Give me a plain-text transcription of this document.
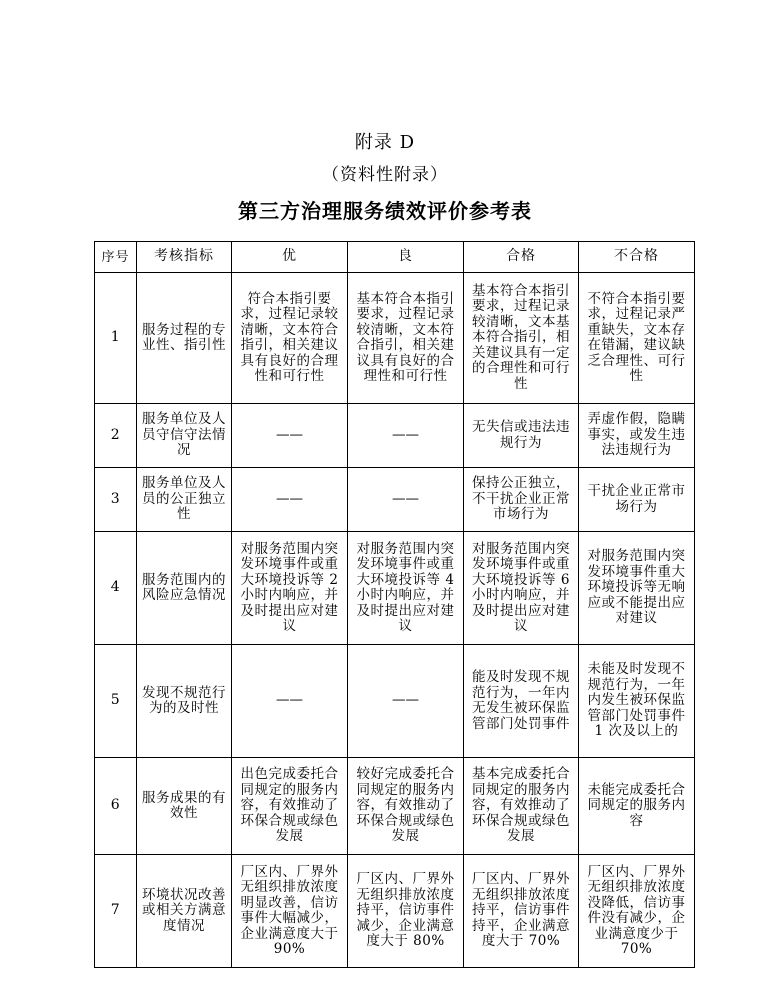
附录 D
（资料性附录）
第三方治理服务绩效评价参考表
序号	考核指标	优	良	合格	不合格
1	服务过程的专业性、指引性	符合本指引要求，过程记录较清晰，文本符合指引，相关建议具有良好的合理性和可行性	基本符合本指引要求，过程记录较清晰，文本符合指引，相关建议具有良好的合理性和可行性	基本符合本指引要求，过程记录较清晰，文本基本符合指引，相关建议具有一定的合理性和可行性	不符合本指引要求，过程记录严重缺失，文本存在错漏，建议缺乏合理性、可行性
2	服务单位及人员守信守法情况	——	——	无失信或违法违规行为	弄虚作假，隐瞒事实，或发生违法违规行为
3	服务单位及人员的公正独立性	——	——	保持公正独立，不干扰企业正常市场行为	干扰企业正常市场行为
4	服务范围内的风险应急情况	对服务范围内突发环境事件或重大环境投诉等 2 小时内响应，并及时提出应对建议	对服务范围内突发环境事件或重大环境投诉等 4 小时内响应，并及时提出应对建议	对服务范围内突发环境事件或重大环境投诉等 6 小时内响应，并及时提出应对建议	对服务范围内突发环境事件重大环境投诉等无响应或不能提出应对建议
5	发现不规范行为的及时性	——	——	能及时发现不规范行为，一年内无发生被环保监管部门处罚事件	未能及时发现不规范行为，一年内发生被环保监管部门处罚事件 1 次及以上的
6	服务成果的有效性	出色完成委托合同规定的服务内容，有效推动了环保合规或绿色发展	较好完成委托合同规定的服务内容，有效推动了环保合规或绿色发展	基本完成委托合同规定的服务内容，有效推动了环保合规或绿色发展	未能完成委托合同规定的服务内容
7	环境状况改善或相关方满意度情况	厂区内、厂界外无组织排放浓度明显改善，信访事件大幅减少，企业满意度大于 90%	厂区内、厂界外无组织排放浓度持平，信访事件减少，企业满意度大于 80%	厂区内、厂界外无组织排放浓度持平，信访事件持平，企业满意度大于 70%	厂区内、厂界外无组织排放浓度没降低，信访事件没有减少，企业满意度少于 70%
